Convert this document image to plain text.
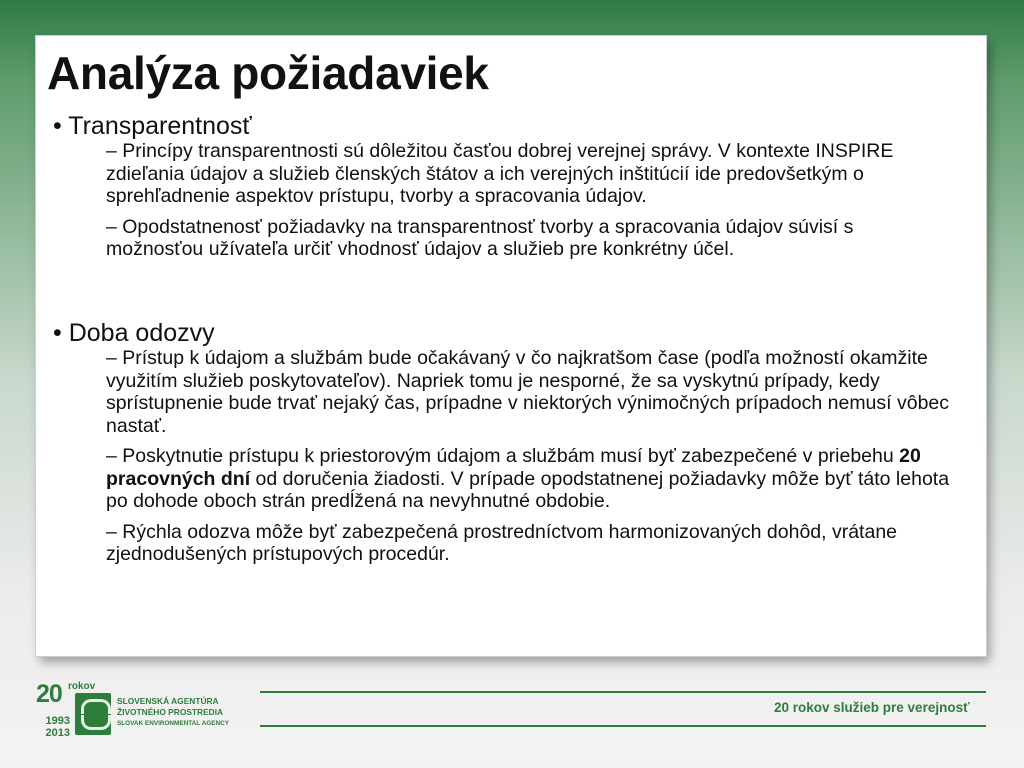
Analýza požiadaviek

• Transparentnosť

– Princípy transparentnosti sú dôležitou časťou dobrej verejnej správy. V kontexte INSPIRE zdieľania údajov a služieb členských štátov a ich verejných inštitúcií ide predovšetkým o sprehľadnenie aspektov prístupu, tvorby a spracovania údajov.

– Opodstatnenosť požiadavky na transparentnosť tvorby a spracovania údajov súvisí s možnosťou užívateľa určiť vhodnosť údajov a služieb pre konkrétny účel.

• Doba odozvy

– Prístup k údajom a službám bude očakávaný v čo najkratšom čase (podľa možností okamžite využitím služieb poskytovateľov). Napriek tomu je nesporné, že sa vyskytnú prípady, kedy sprístupnenie bude trvať nejaký čas, prípadne v niektorých výnimočných prípadoch nemusí vôbec nastať.

– Poskytnutie prístupu k priestorovým údajom a službám musí byť zabezpečené v priebehu 20 pracovných dní od doručenia žiadosti. V prípade opodstatnenej požiadavky môže byť táto lehota po dohode oboch strán predĺžená na nevyhnutné obdobie.

– Rýchla odozva môže byť zabezpečená prostredníctvom harmonizovaných dohôd, vrátane zjednodušených prístupových procedúr.

20 rokov
1993
2013
SLOVENSKÁ AGENTÚRA
ŽIVOTNÉHO PROSTREDIA
SLOVAK ENVIRONMENTAL AGENCY
20 rokov služieb pre verejnosť
